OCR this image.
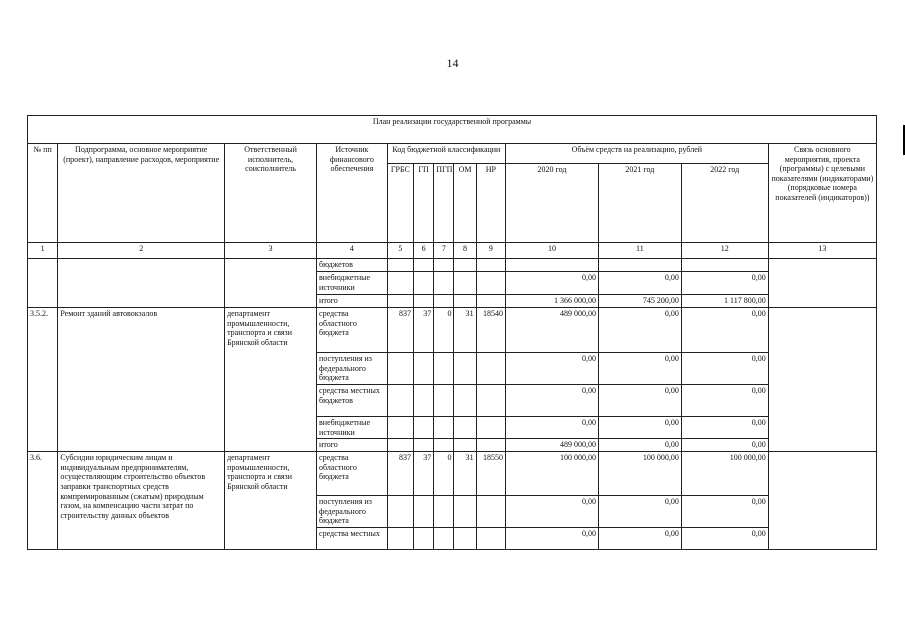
14
План реализации государственной программы												
№ пп	Подпрограмма, основное мероприятие (проект), направление расходов, мероприятие	Ответственный исполнитель, соисполнитель	Источник финансового обеспечения	Код бюджетной классификации					Объём средств на реализацию, рублей			Связь основного мероприятия, проекта (программы) с целевыми показателями (индикаторами) (порядковые номера показателей (индикаторов))
				ГРБС	ГП	ПГП	ОМ	НР	2020 год	2021 год	2022 год	
1	2	3	4	5	6	7	8	9	10	11	12	13
			бюджетов									
			внебюджетные источники						0,00	0,00	0,00	
			итого						1 366 000,00	745 200,00	1 117 800,00	
3.5.2.	Ремонт зданий автовокзалов	департамент промышленности, транспорта и связи Брянской области	средства областного бюджета	837	37	0	31	18540	489 000,00	0,00	0,00	
			поступления из федерального бюджета						0,00	0,00	0,00	
			средства местных бюджетов						0,00	0,00	0,00	
			внебюджетные источники						0,00	0,00	0,00	
			итого						489 000,00	0,00	0,00	
3.6.	Субсидии юридическим лицам и индивидуальным предпринимателям, осуществляющим строительство объектов заправки транспортных средств компримированным (сжатым) природным газом, на компенсацию части затрат по строительству данных объектов	департамент промышленности, транспорта и связи Брянской области	средства областного бюджета	837	37	0	31	18550	100 000,00	100 000,00	100 000,00	
			поступления из федерального бюджета						0,00	0,00	0,00	
			средства местных						0,00	0,00	0,00	
